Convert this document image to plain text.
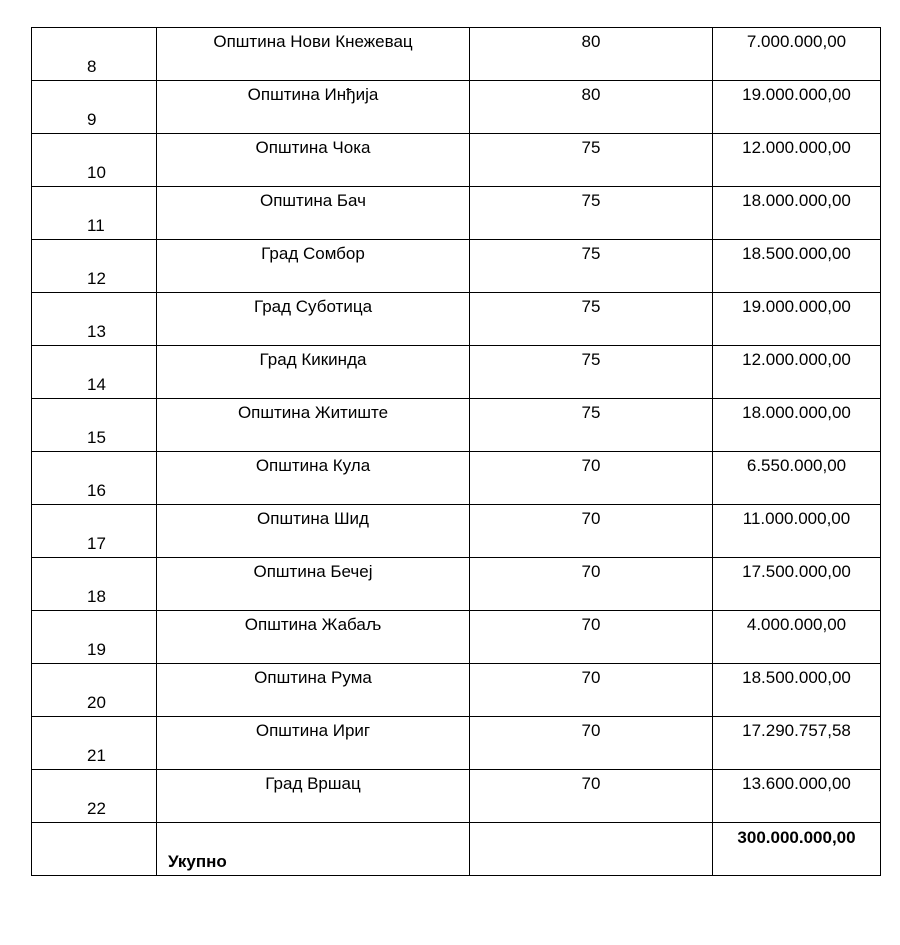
8	Општина Нови Кнежевац	80	7.000.000,00

9	Општина Инђија	80	19.000.000,00

10	Општина Чока	75	12.000.000,00

11	Општина Бач	75	18.000.000,00

12	Град Сомбор	75	18.500.000,00

13	Град Суботица	75	19.000.000,00

14	Град Кикинда	75	12.000.000,00

15	Општина Житиште	75	18.000.000,00

16	Општина Кула	70	6.550.000,00

17	Општина Шид	70	11.000.000,00

18	Општина Бечеј	70	17.500.000,00

19	Општина Жабаљ	70	4.000.000,00

20	Општина Рума	70	18.500.000,00

21	Општина Ириг	70	17.290.757,58

22	Град Вршац	70	13.600.000,00

	Укупно		300.000.000,00
